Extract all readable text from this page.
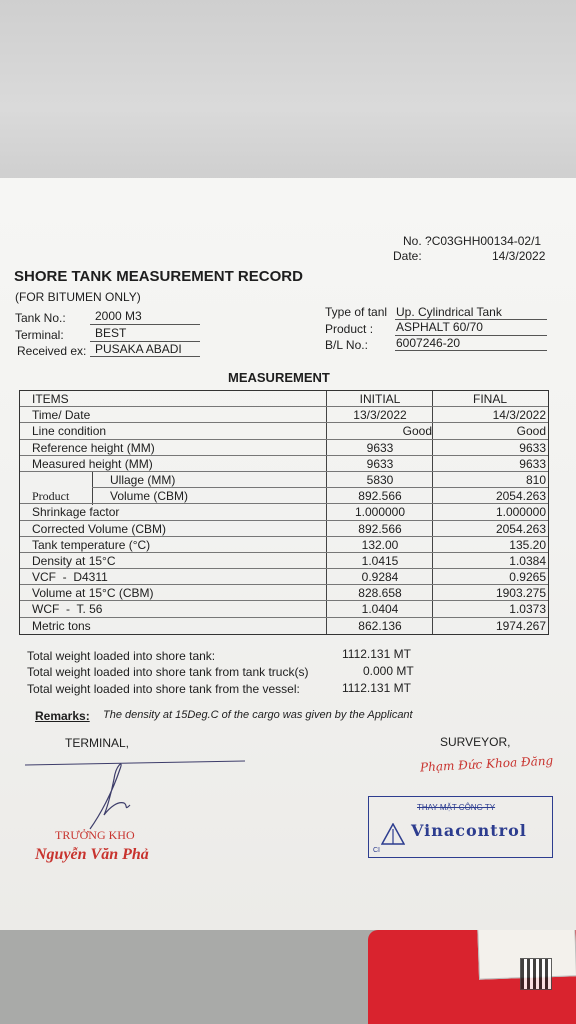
No. ?C03GHH00134-02/1
Date:	14/3/2022
SHORE TANK MEASUREMENT RECORD
(FOR BITUMEN ONLY)
Tank No.: 2000 M3
Terminal:	BEST
Received ex: PUSAKA ABADI
Type of tanl Up. Cylindrical Tank
Product : ASPHALT 60/70
B/L No.: 6007246-20
MEASUREMENT
ITEMS	INITIAL	FINAL
Time/ Date	13/3/2022	14/3/2022
Line condition	Good	Good
Reference height (MM)	9633	9633
Measured height (MM)	9633	9633
Ullage (MM)	5830	810
Product	Volume (CBM)	892.566	2054.263
Shrinkage factor	1.000000	1.000000
Corrected Volume (CBM)	892.566	2054.263
Tank temperature (°C)	132.00	135.20
Density at 15°C	1.0415	1.0384
VCF  -  D4311	0.9284	0.9265
Volume at 15°C (CBM)	828.658	1903.275
WCF  -  T. 56	1.0404	1.0373
Metric tons	862.136	1974.267
Total weight loaded into shore tank:	1112.131 MT
Total weight loaded into shore tank from tank truck(s)	0.000 MT
Total weight loaded into shore tank from the vessel:	1112.131 MT
Remarks: The density at 15Deg.C of the cargo was given by the Applicant
TERMINAL,	SURVEYOR,
TRƯỞNG KHO
Nguyễn Văn Phả
Phạm Đức Khoa Đăng
THAY MẶT CÔNG TY
Vinacontrol
CI
